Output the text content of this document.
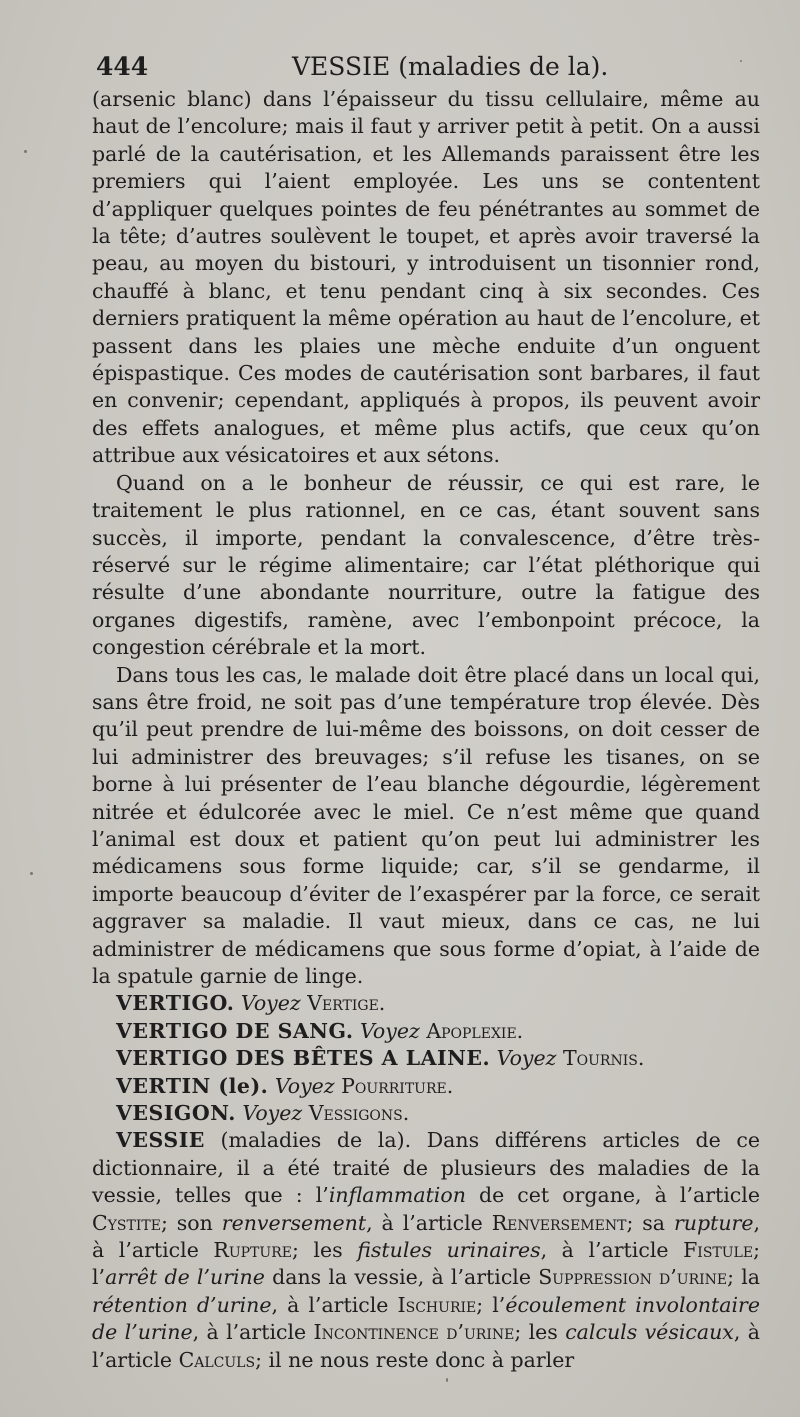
444	VESSIE (maladies de la).

(arsenic blanc) dans l’épaisseur du tissu cellulaire, même au haut de l’encolure; mais il faut y arriver petit à petit. On a aussi parlé de la cautérisation, et les Allemands paraissent être les premiers qui l’aient employée. Les uns se contentent d’appliquer quelques pointes de feu pénétrantes au sommet de la tête; d’autres soulèvent le toupet, et après avoir traversé la peau, au moyen du bistouri, y introduisent un tisonnier rond, chauffé à blanc, et tenu pendant cinq à six secondes. Ces derniers pratiquent la même opération au haut de l’encolure, et passent dans les plaies une mèche enduite d’un onguent épispastique. Ces modes de cautérisation sont barbares, il faut en convenir; cependant, appliqués à propos, ils peuvent avoir des effets analogues, et même plus actifs, que ceux qu’on attribue aux vésicatoires et aux sétons.

Quand on a le bonheur de réussir, ce qui est rare, le traitement le plus rationnel, en ce cas, étant souvent sans succès, il importe, pendant la convalescence, d’être très-réservé sur le régime alimentaire; car l’état pléthorique qui résulte d’une abondante nourriture, outre la fatigue des organes digestifs, ramène, avec l’embonpoint précoce, la congestion cérébrale et la mort.

Dans tous les cas, le malade doit être placé dans un local qui, sans être froid, ne soit pas d’une température trop élevée. Dès qu’il peut prendre de lui-même des boissons, on doit cesser de lui administrer des breuvages; s’il refuse les tisanes, on se borne à lui présenter de l’eau blanche dégourdie, légèrement nitrée et édulcorée avec le miel. Ce n’est même que quand l’animal est doux et patient qu’on peut lui administrer les médicamens sous forme liquide; car, s’il se gendarme, il importe beaucoup d’éviter de l’exaspérer par la force, ce serait aggraver sa maladie. Il vaut mieux, dans ce cas, ne lui administrer de médicamens que sous forme d’opiat, à l’aide de la spatule garnie de linge.

VERTIGO. Voyez Vertige.
VERTIGO DE SANG. Voyez Apoplexie.
VERTIGO DES BÊTES A LAINE. Voyez Tournis.
VERTIN (le). Voyez Pourriture.
VESIGON. Voyez Vessigons.

VESSIE (maladies de la). Dans différens articles de ce dictionnaire, il a été traité de plusieurs des maladies de la vessie, telles que : l’inflammation de cet organe, à l’article Cystite; son renversement, à l’article Renversement; sa rupture, à l’article Rupture; les fistules urinaires, à l’article Fistule; l’arrêt de l’urine dans la vessie, à l’article Suppression d’urine; la rétention d’urine, à l’article Ischurie; l’écoulement involontaire de l’urine, à l’article Incontinence d’urine; les calculs vésicaux, à l’article Calculs; il ne nous reste donc à parler
